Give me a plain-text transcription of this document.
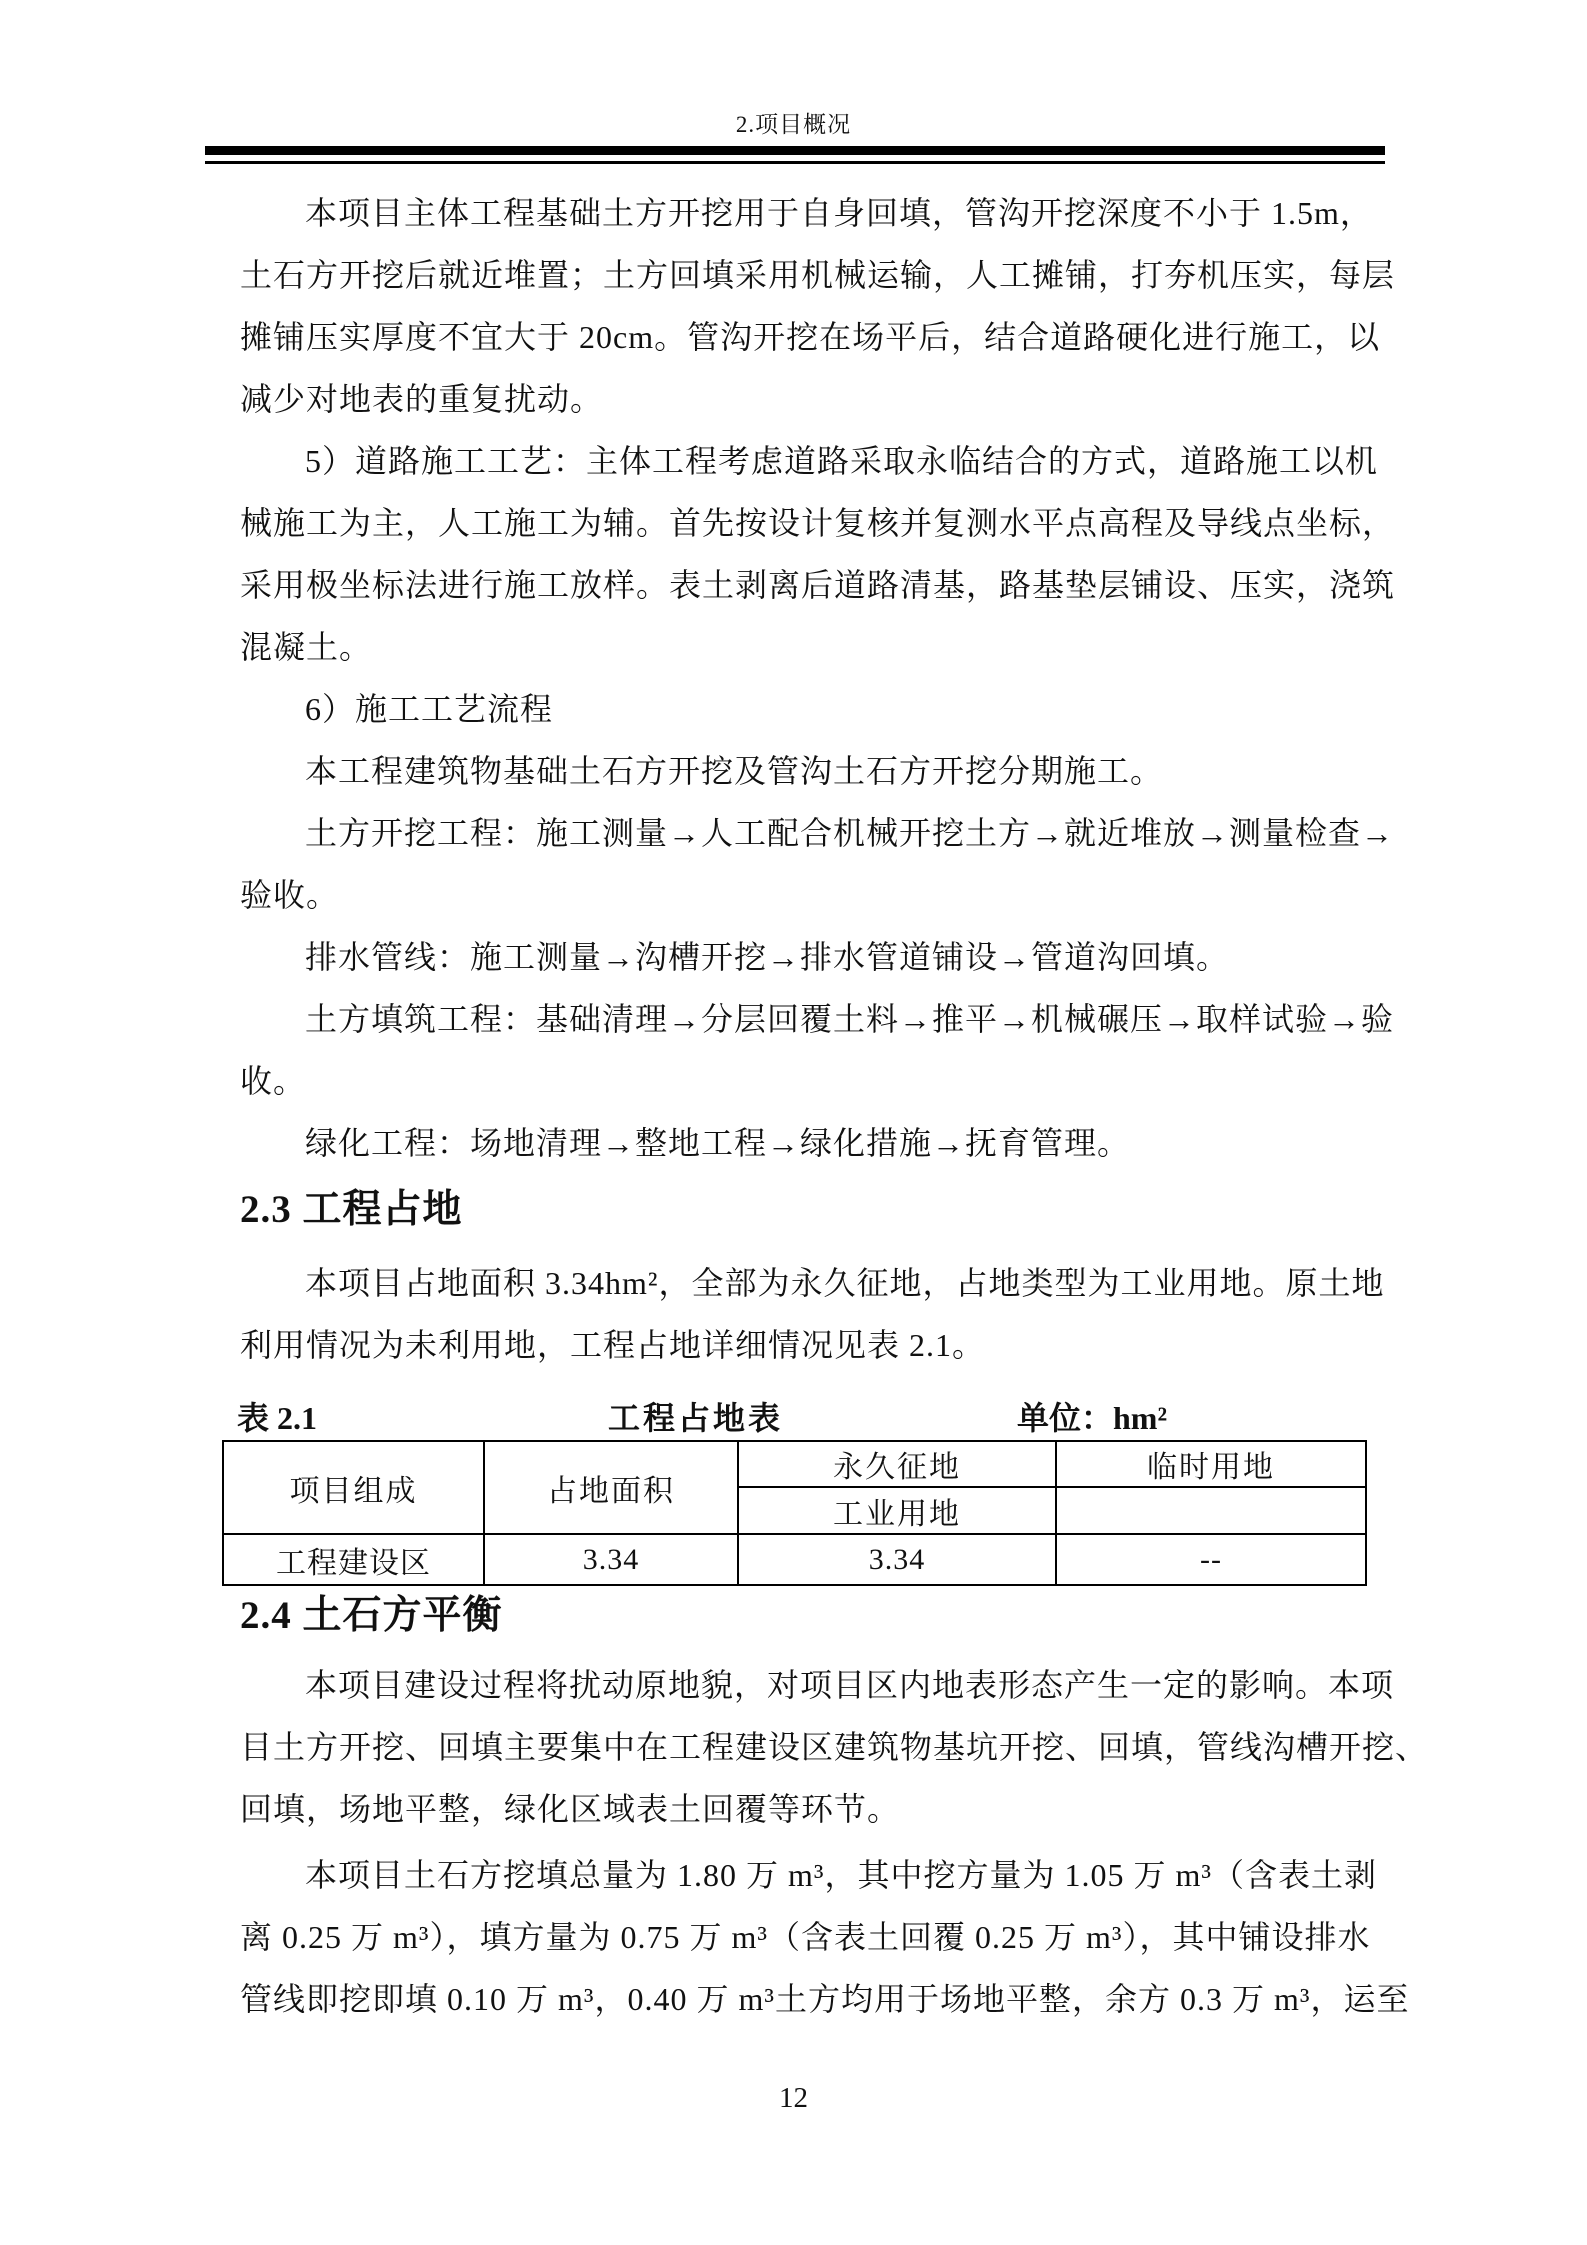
2.项目概况
本项目主体工程基础土方开挖用于自身回填，管沟开挖深度不小于 1.5m，
土石方开挖后就近堆置；土方回填采用机械运输，人工摊铺，打夯机压实，每层
摊铺压实厚度不宜大于 20cm。管沟开挖在场平后，结合道路硬化进行施工，以
减少对地表的重复扰动。
5）道路施工工艺：主体工程考虑道路采取永临结合的方式，道路施工以机
械施工为主，人工施工为辅。首先按设计复核并复测水平点高程及导线点坐标，
采用极坐标法进行施工放样。表土剥离后道路清基，路基垫层铺设、压实，浇筑
混凝土。
6）施工工艺流程
本工程建筑物基础土石方开挖及管沟土石方开挖分期施工。
土方开挖工程：施工测量→人工配合机械开挖土方→就近堆放→测量检查→
验收。
排水管线：施工测量→沟槽开挖→排水管道铺设→管道沟回填。
土方填筑工程：基础清理→分层回覆土料→推平→机械碾压→取样试验→验
收。
绿化工程：场地清理→整地工程→绿化措施→抚育管理。
2.3 工程占地
本项目占地面积 3.34hm²，全部为永久征地，占地类型为工业用地。原土地
利用情况为未利用地，工程占地详细情况见表 2.1。
表 2.1	工程占地表	单位：hm²
项目组成	占地面积	永久征地	临时用地
		工业用地	
工程建设区	3.34	3.34	--
2.4 土石方平衡
本项目建设过程将扰动原地貌，对项目区内地表形态产生一定的影响。本项
目土方开挖、回填主要集中在工程建设区建筑物基坑开挖、回填，管线沟槽开挖、
回填，场地平整，绿化区域表土回覆等环节。
本项目土石方挖填总量为 1.80 万 m³，其中挖方量为 1.05 万 m³（含表土剥
离 0.25 万 m³），填方量为 0.75 万 m³（含表土回覆 0.25 万 m³），其中铺设排水
管线即挖即填 0.10 万 m³，0.40 万 m³土方均用于场地平整，余方 0.3 万 m³，运至
12
